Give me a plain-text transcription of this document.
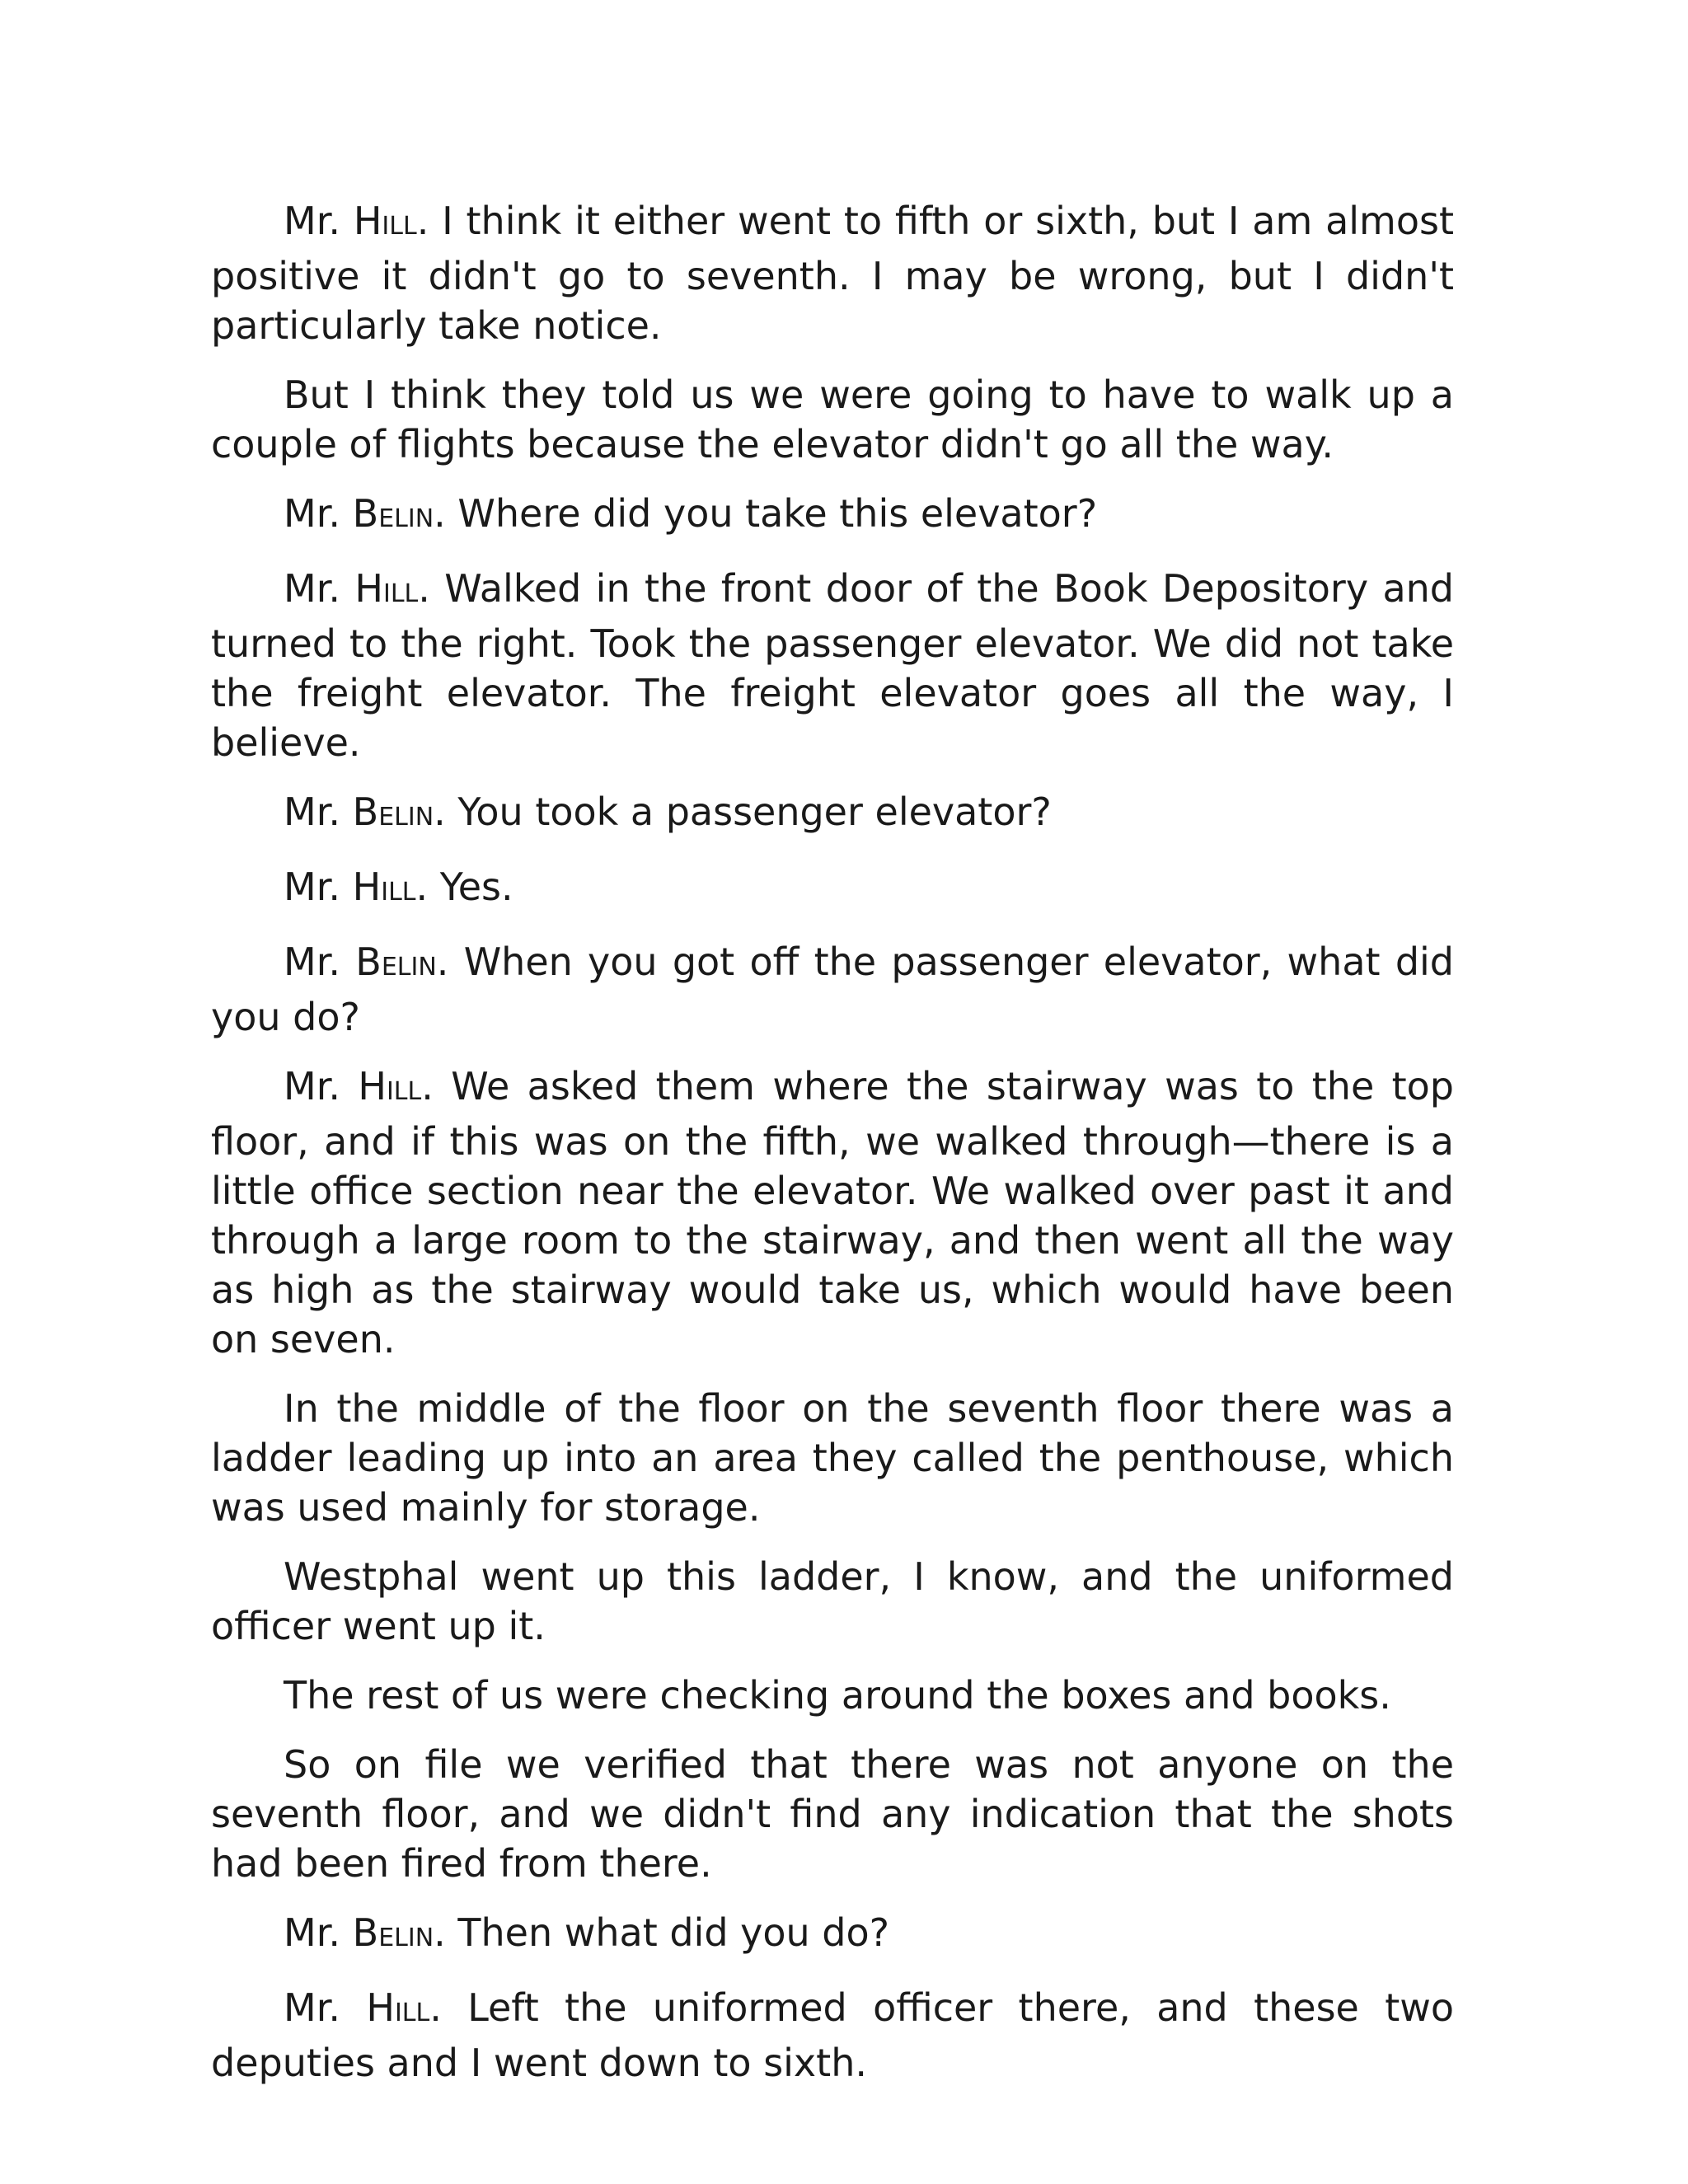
Mr. HILL. I think it either went to fifth or sixth, but I am almost positive it didn't go to seventh. I may be wrong, but I didn't particularly take notice.

But I think they told us we were going to have to walk up a couple of flights because the elevator didn't go all the way.

Mr. BELIN. Where did you take this elevator?

Mr. HILL. Walked in the front door of the Book Depository and turned to the right. Took the passenger elevator. We did not take the freight elevator. The freight elevator goes all the way, I believe.

Mr. BELIN. You took a passenger elevator?

Mr. HILL. Yes.

Mr. BELIN. When you got off the passenger elevator, what did you do?

Mr. HILL. We asked them where the stairway was to the top floor, and if this was on the fifth, we walked through—there is a little office section near the elevator. We walked over past it and through a large room to the stairway, and then went all the way as high as the stairway would take us, which would have been on seven.

In the middle of the floor on the seventh floor there was a ladder leading up into an area they called the penthouse, which was used mainly for storage.

Westphal went up this ladder, I know, and the uniformed officer went up it.

The rest of us were checking around the boxes and books.

So on file we verified that there was not anyone on the seventh floor, and we didn't find any indication that the shots had been fired from there.

Mr. BELIN. Then what did you do?

Mr. HILL. Left the uniformed officer there, and these two deputies and I went down to sixth.
